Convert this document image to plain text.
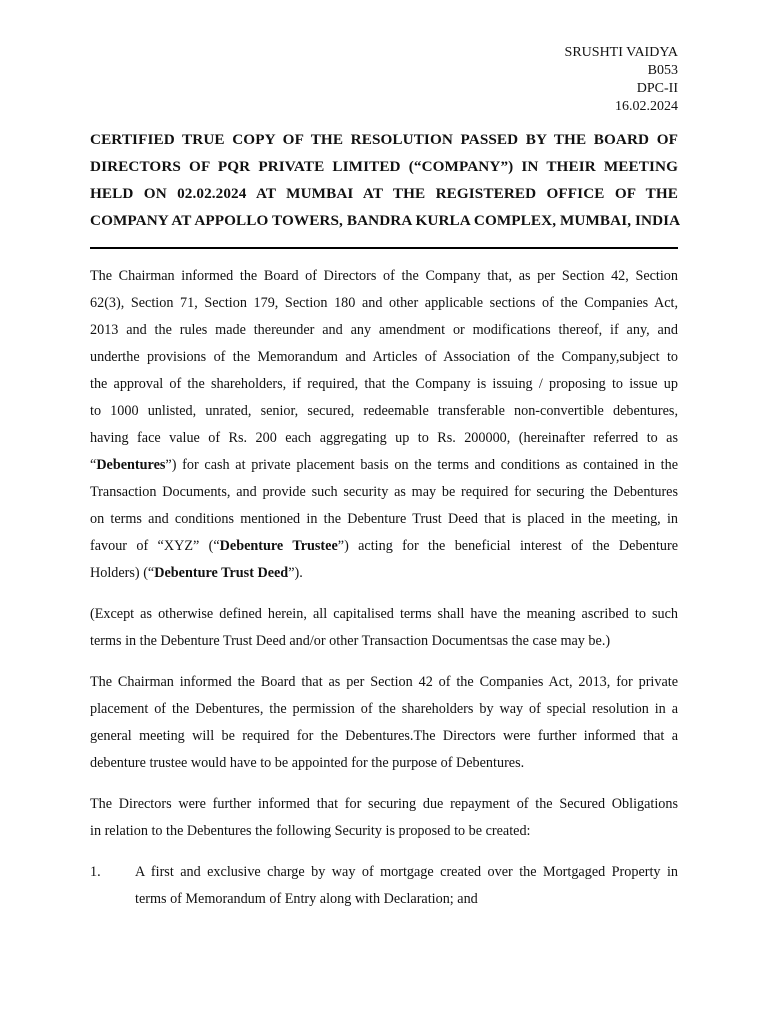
SRUSHTI VAIDYA
B053
DPC-II
16.02.2024
CERTIFIED TRUE COPY OF THE RESOLUTION PASSED BY THE BOARD OF
DIRECTORS OF PQR PRIVATE LIMITED (“COMPANY”) IN THEIR MEETING
HELD ON 02.02.2024 AT MUMBAI AT THE REGISTERED OFFICE OF THE
COMPANY AT APPOLLO TOWERS, BANDRA KURLA COMPLEX, MUMBAI, INDIA
The Chairman informed the Board of Directors of the Company that, as per Section 42, Section
62(3), Section 71, Section 179, Section 180 and other applicable sections of the Companies Act,
2013 and the rules made thereunder and any amendment or modifications thereof, if any, and
underthe provisions of the Memorandum and Articles of Association of the Company,subject to
the approval of the shareholders, if required, that the Company is issuing / proposing to issue up
to 1000 unlisted, unrated, senior, secured, redeemable transferable non-convertible debentures,
having face value of Rs. 200 each aggregating up to Rs. 200000, (hereinafter referred to as
“Debentures”) for cash at private placement basis on the terms and conditions as contained in the
Transaction Documents, and provide such security as may be required for securing the Debentures
on terms and conditions mentioned in the Debenture Trust Deed that is placed in the meeting, in
favour of “XYZ” (“Debenture Trustee”) acting for the beneficial interest of the Debenture
Holders) (“Debenture Trust Deed”).
(Except as otherwise defined herein, all capitalised terms shall have the meaning ascribed to such
terms in the Debenture Trust Deed and/or other Transaction Documentsas the case may be.)
The Chairman informed the Board that as per Section 42 of the Companies Act, 2013, for private
placement of the Debentures, the permission of the shareholders by way of special resolution in a
general meeting will be required for the Debentures.The Directors were further informed that a
debenture trustee would have to be appointed for the purpose of Debentures.
The Directors were further informed that for securing due repayment of the Secured Obligations
in relation to the Debentures the following Security is proposed to be created:
1. A first and exclusive charge by way of mortgage created over the Mortgaged Property in
terms of Memorandum of Entry along with Declaration; and
